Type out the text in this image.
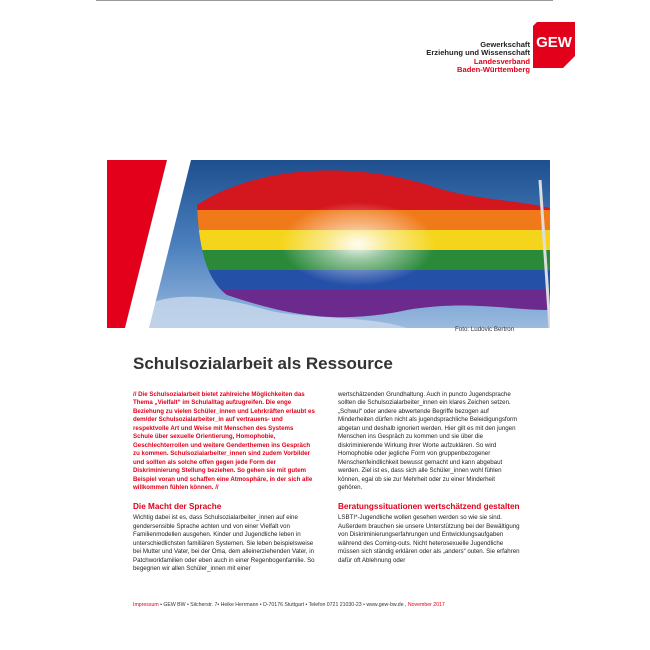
Gewerkschaft
Erziehung und Wissenschaft
Landesverband
Baden-Württemberg
GEW
Foto: Ludovic Bertron
Schulsozialarbeit als Ressource

// Die Schulsozialarbeit bietet zahlreiche Möglichkeiten das Thema „Vielfalt“ im Schulalltag aufzugreifen. Die enge Beziehung zu vielen Schüler_innen und Lehrkräften erlaubt es dem/der Schulsozialarbeiter_in auf vertrauens- und respektvolle Art und Weise mit Menschen des Systems Schule über sexuelle Orientierung, Homophobie, Geschlechterrollen und weitere Genderthemen ins Gespräch zu kommen. Schulsozialarbeiter_innen sind zudem Vorbilder und sollten als solche offen gegen jede Form der Diskriminierung Stellung beziehen. So gehen sie mit gutem Beispiel voran und schaffen eine Atmosphäre, in der sich alle willkommen fühlen können. //

Die Macht der Sprache

Wichtig dabei ist es, dass Schulsozialarbeiter_innen auf eine gendersensible Sprache achten und von einer Vielfalt von Familienmodellen ausgehen. Kinder und Jugendliche leben in unterschiedlichsten familiären Systemen. Sie leben beispielsweise bei Mutter und Vater, bei der Oma, dem alleinerziehenden Vater, in Patchworkfamilien oder eben auch in einer Regenbogenfamilie. So begegnen wir allen Schüler_innen mit einer

wertschätzenden Grundhaltung. Auch in puncto Jugendsprache sollten die Schulsozialarbeiter_innen ein klares Zeichen setzen. „Schwul“ oder andere abwertende Begriffe bezogen auf Minderheiten dürfen nicht als jugendsprachliche Beleidigungsform abgetan und deshalb ignoriert werden. Hier gilt es mit den jungen Menschen ins Gespräch zu kommen und sie über die diskriminierende Wirkung ihrer Worte aufzuklären. So wird Homophobie oder jegliche Form von gruppenbezogener Menschenfeindlichkeit bewusst gemacht und kann abgebaut werden. Ziel ist es, dass sich alle Schüler_innen wohl fühlen können, egal ob sie zur Mehrheit oder zu einer Minderheit gehören.

Beratungssituationen wertschätzend gestalten

LSBTI*-Jugendliche wollen gesehen werden so wie sie sind. Außerdem brauchen sie unsere Unterstützung bei der Bewältigung von Diskriminierungserfahrungen und Entwicklungsaufgaben während des Coming-outs. Nicht heterosexuelle Jugendliche müssen sich ständig erklären oder als „anders“ outen. Sie erfahren dafür oft Ablehnung oder

Impressum • GEW BW • Silcherstr. 7• Heike Herrmann • D-70176 Stuttgart • Telefon 0721 21030-23 • www.gew-bw.de , November 2017
